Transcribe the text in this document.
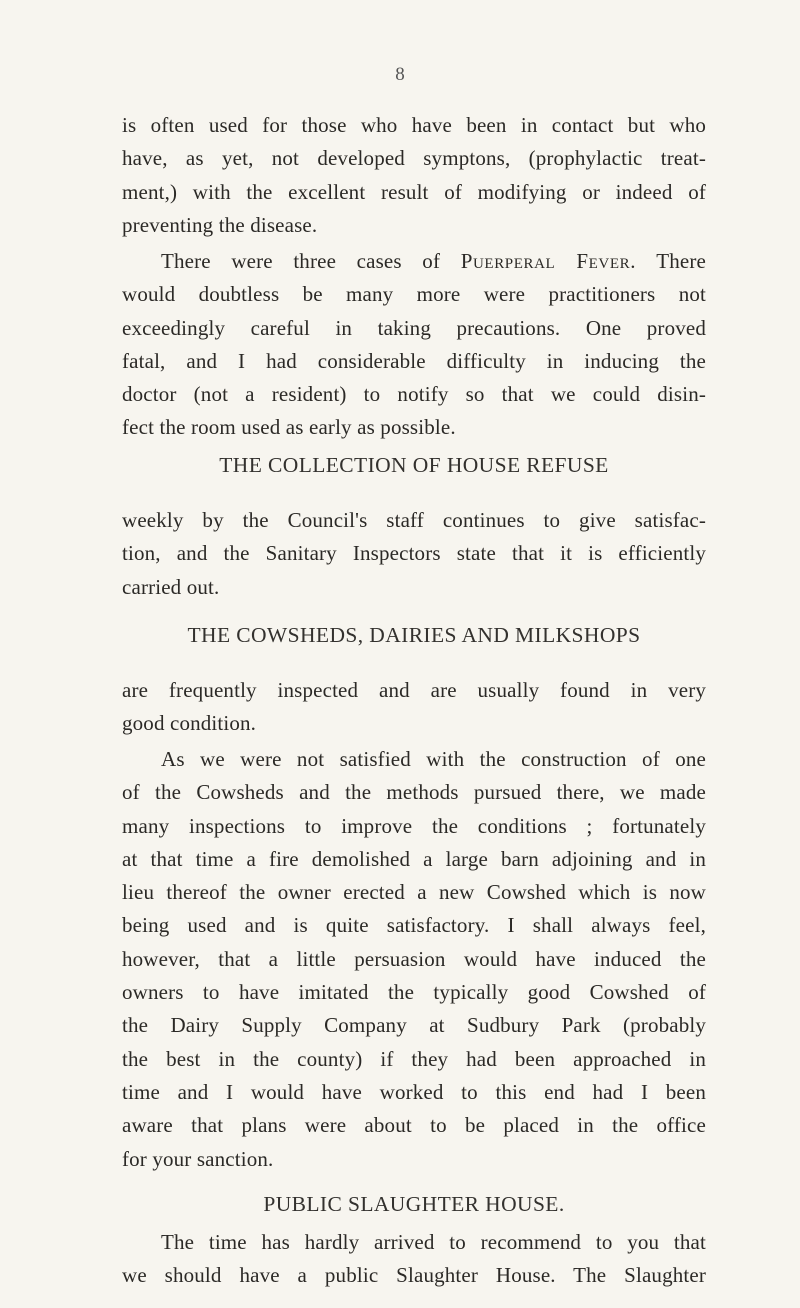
8
is often used for those who have been in contact but who
have, as yet, not developed symptons, (prophylactic treat-
ment,) with the excellent result of modifying or indeed of
preventing the disease.
There were three cases of Puerperal Fever. There
would doubtless be many more were practitioners not
exceedingly careful in taking precautions. One proved
fatal, and I had considerable difficulty in inducing the
doctor (not a resident) to notify so that we could disin-
fect the room used as early as possible.
THE COLLECTION OF HOUSE REFUSE
weekly by the Council's staff continues to give satisfac-
tion, and the Sanitary Inspectors state that it is efficiently
carried out.
THE COWSHEDS, DAIRIES AND MILKSHOPS
are frequently inspected and are usually found in very
good condition.
As we were not satisfied with the construction of one
of the Cowsheds and the methods pursued there, we made
many inspections to improve the conditions ; fortunately
at that time a fire demolished a large barn adjoining and in
lieu thereof the owner erected a new Cowshed which is now
being used and is quite satisfactory. I shall always feel,
however, that a little persuasion would have induced the
owners to have imitated the typically good Cowshed of
the Dairy Supply Company at Sudbury Park (probably
the best in the county) if they had been approached in
time and I would have worked to this end had I been
aware that plans were about to be placed in the office
for your sanction.
PUBLIC SLAUGHTER HOUSE.
The time has hardly arrived to recommend to you that
we should have a public Slaughter House. The Slaughter
